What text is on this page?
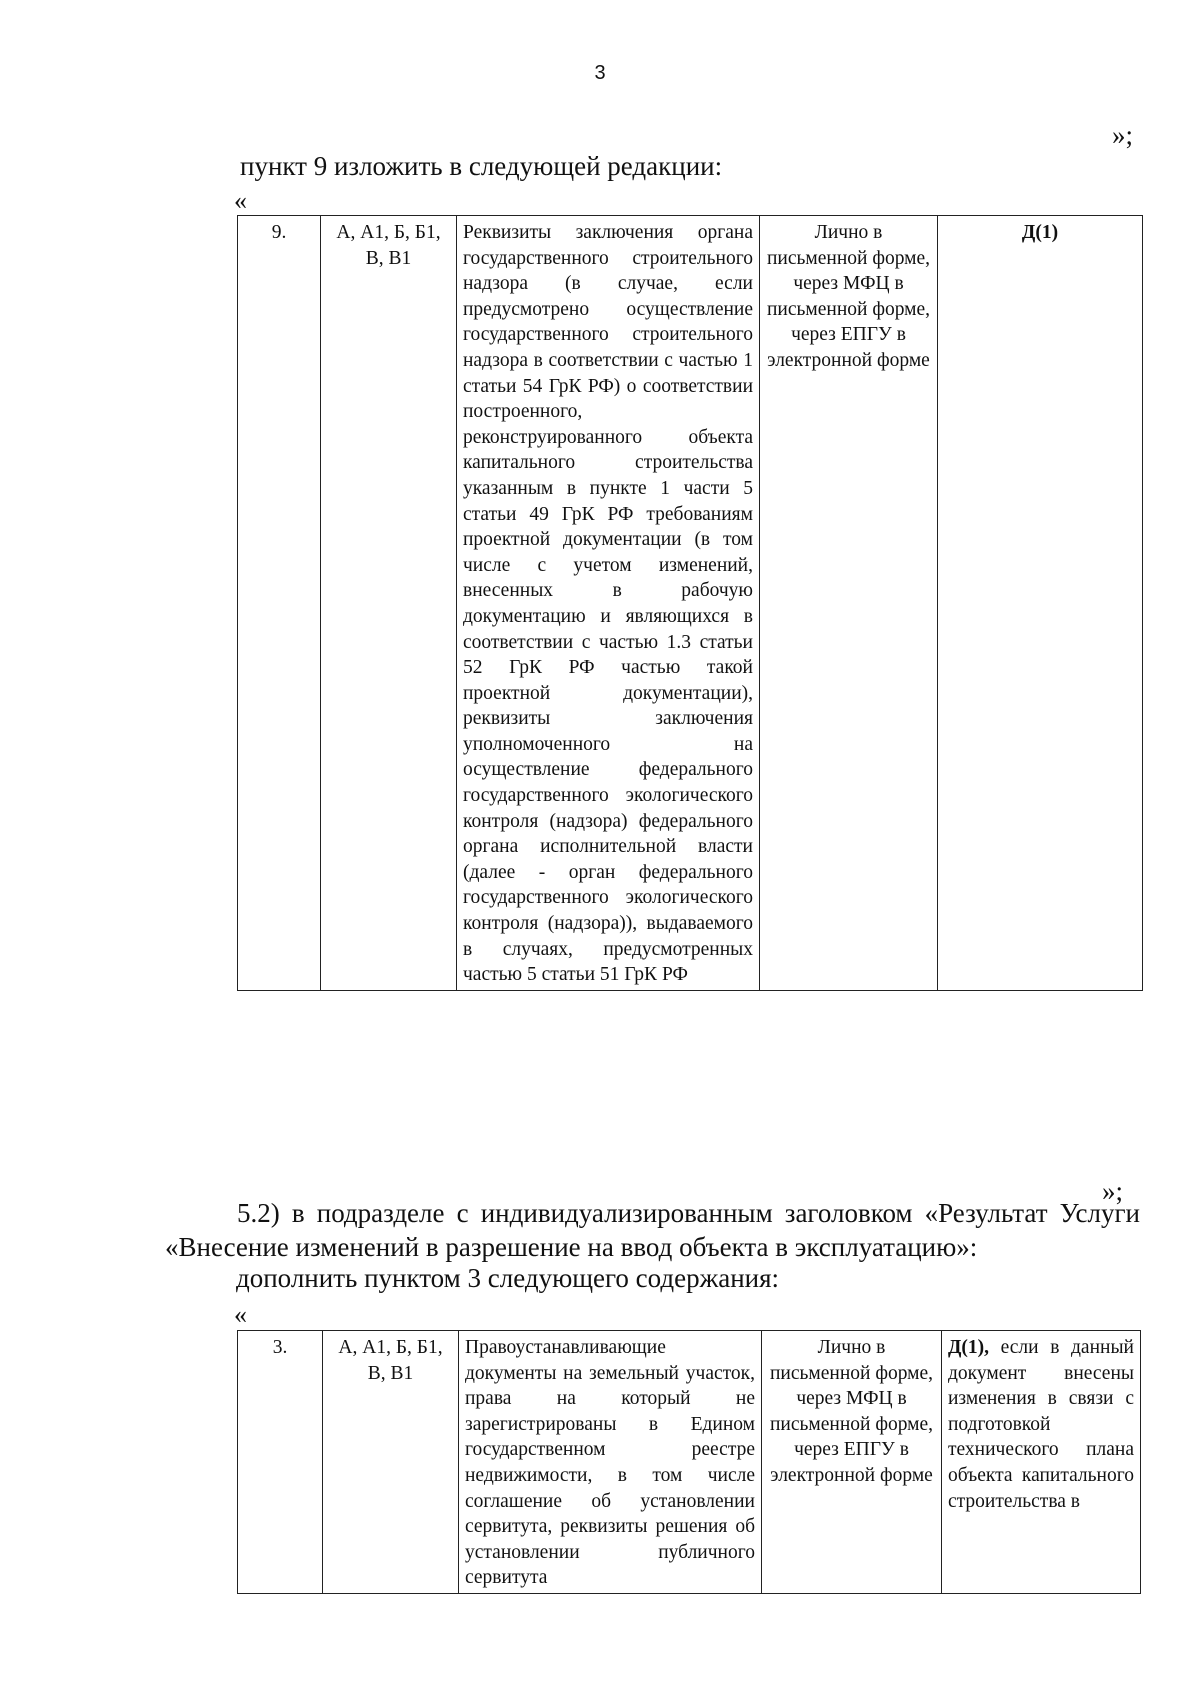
3
»;
пункт 9 изложить в следующей редакции:
«
9.	А, А1, Б, Б1, В, В1	Реквизиты заключения органа государственного строительного надзора (в случае, если предусмотрено осуществление государственного строительного надзора в соответствии с частью 1 статьи 54 ГрК РФ) о соответствии построенного, реконструированного объекта капитального строительства указанным в пункте 1 части 5 статьи 49 ГрК РФ требованиям проектной документации (в том числе с учетом изменений, внесенных в рабочую документацию и являющихся в соответствии с частью 1.3 статьи 52 ГрК РФ частью такой проектной документации), реквизиты заключения уполномоченного на осуществление федерального государственного экологического контроля (надзора) федерального органа исполнительной власти (далее - орган федерального государственного экологического контроля (надзора)), выдаваемого в случаях, предусмотренных частью 5 статьи 51 ГрК РФ	Лично в письменной форме, через МФЦ в письменной форме, через ЕПГУ в электронной форме	Д(1)
»;

5.2) в подразделе с индивидуализированным заголовком «Результат Услуги «Внесение изменений в разрешение на ввод объекта в эксплуатацию»:

дополнить пунктом 3 следующего содержания:
«
3.	А, А1, Б, Б1, В, В1	Правоустанавливающие документы на земельный участок, права на который не зарегистрированы в Едином государственном реестре недвижимости, в том числе соглашение об установлении сервитута, реквизиты решения об установлении публичного сервитута	Лично в письменной форме, через МФЦ в письменной форме, через ЕПГУ в электронной форме	Д(1), если в данный документ внесены изменения в связи с подготовкой технического плана объекта капитального строительства в
